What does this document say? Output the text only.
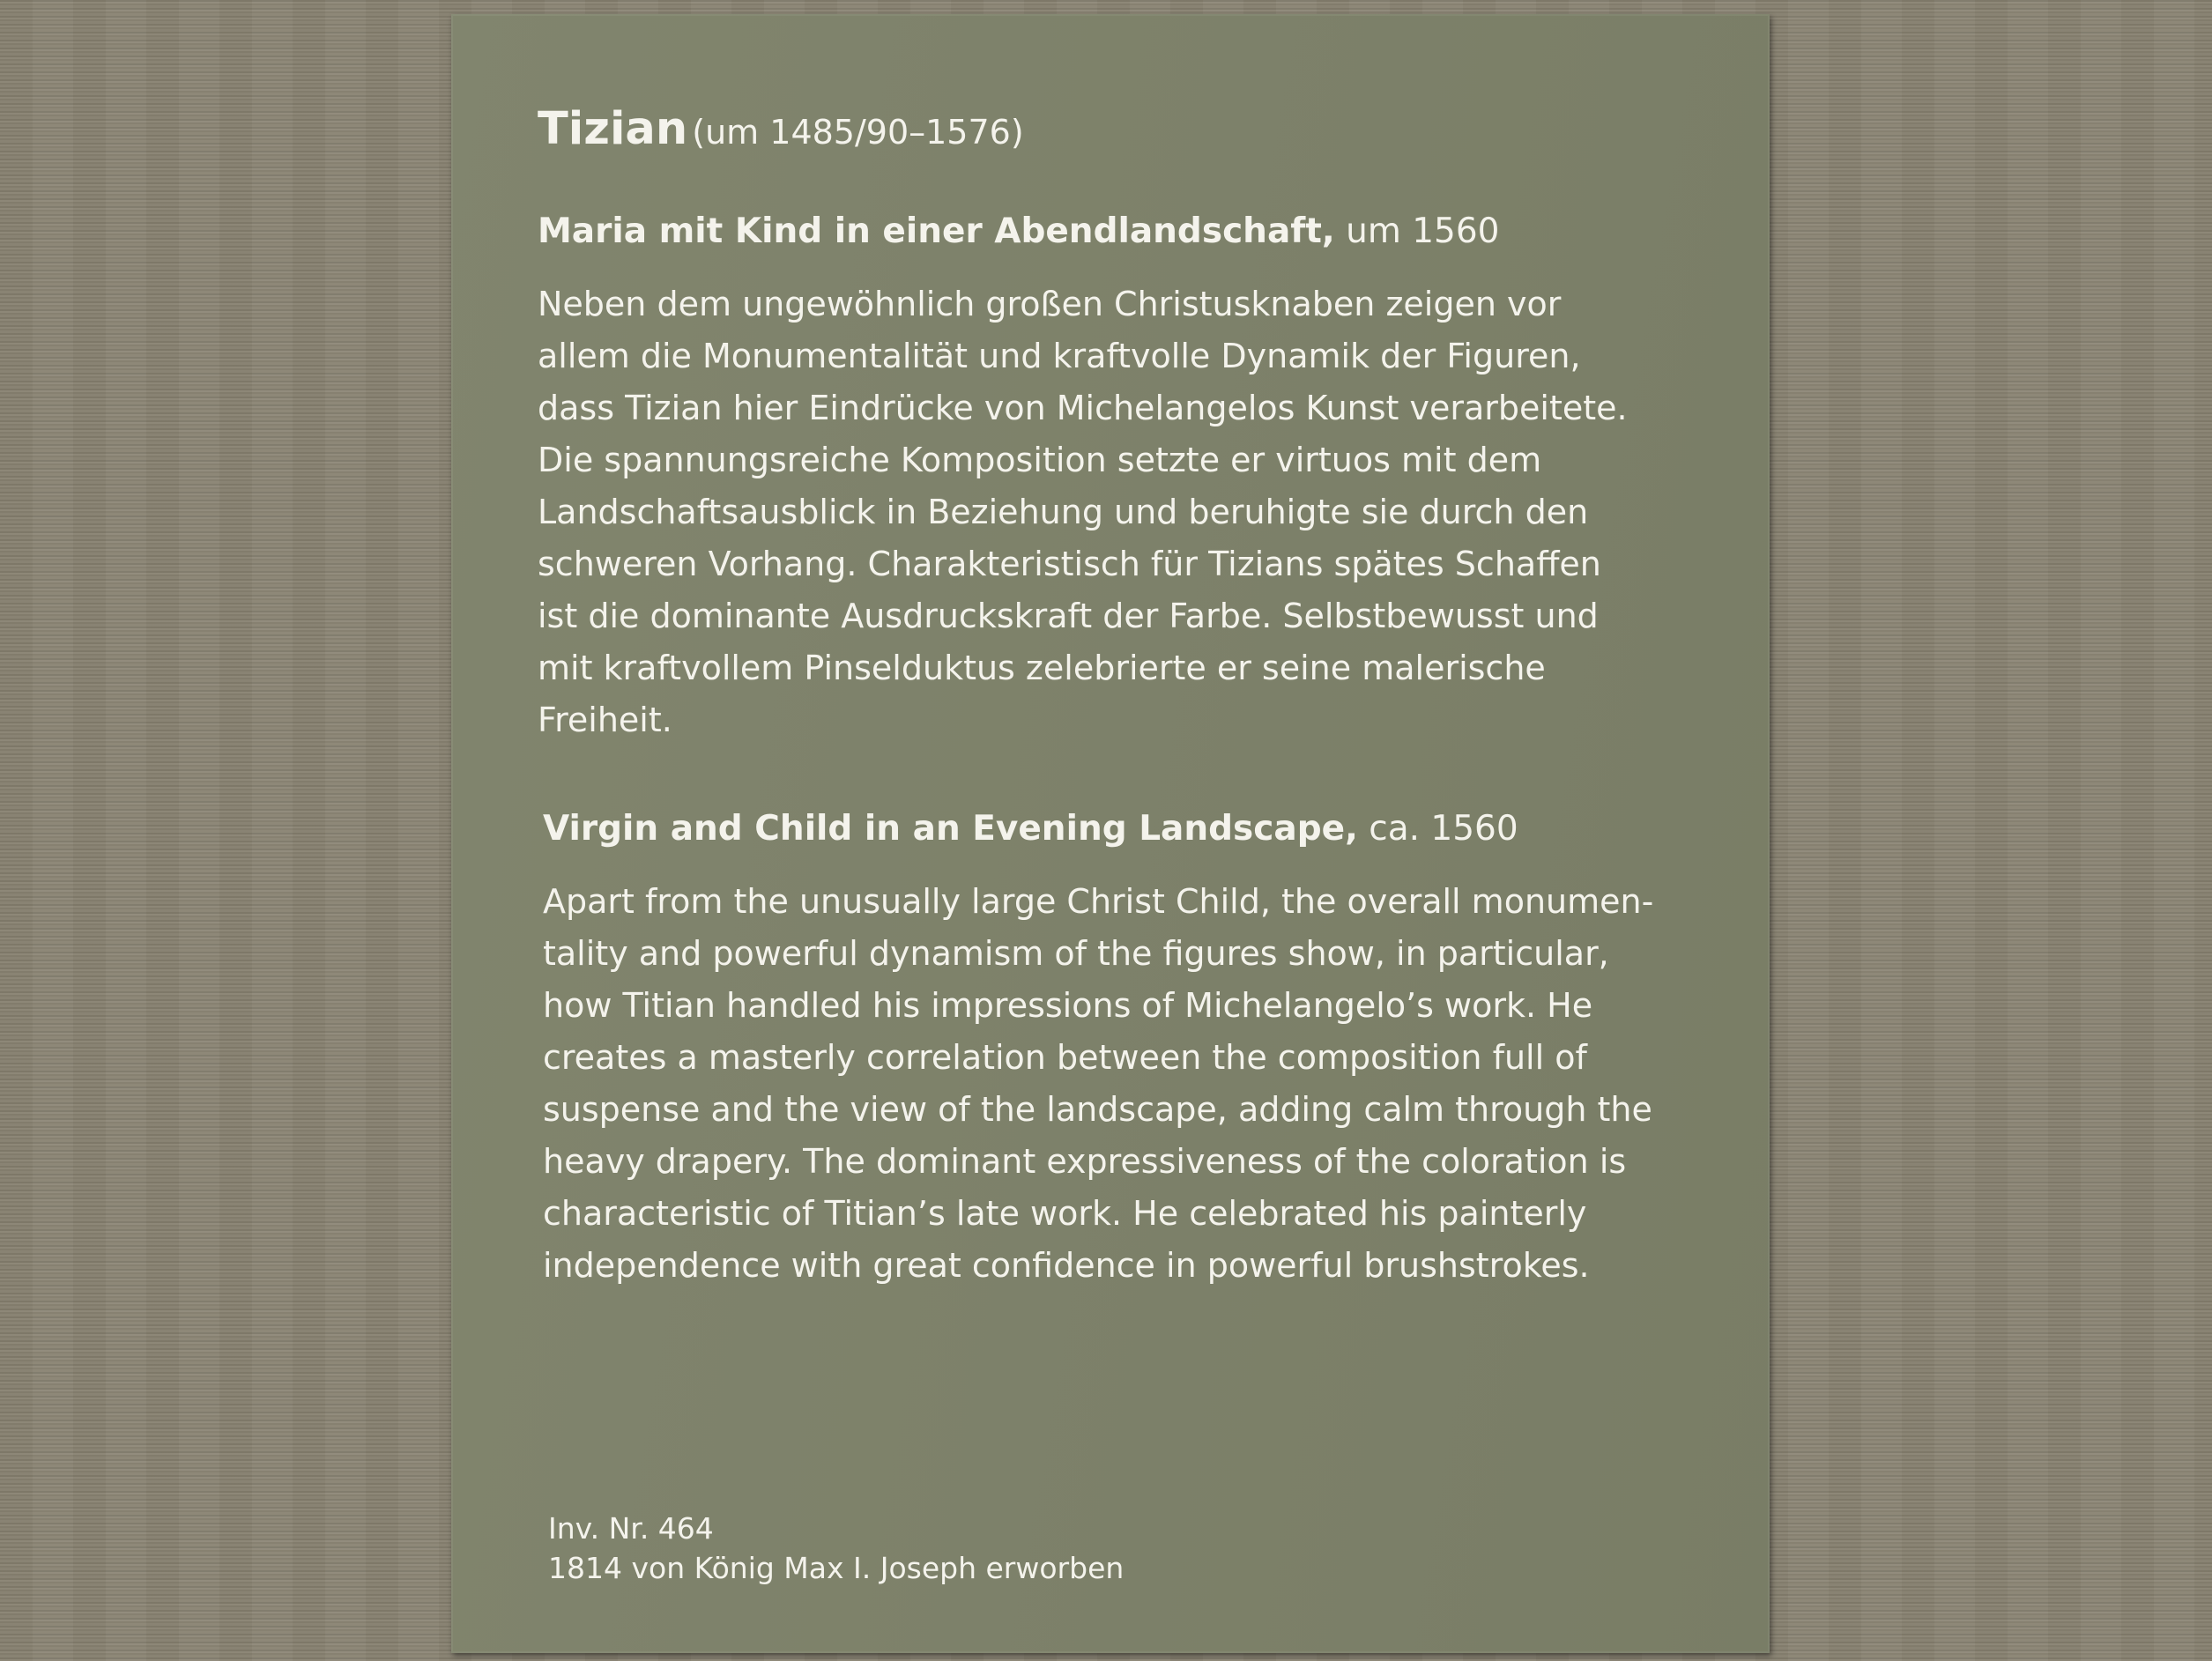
Tizian (um 1485/90–1576)
Maria mit Kind in einer Abendlandschaft, um 1560

Neben dem ungewöhnlich großen Christusknaben zeigen vor
allem die Monumentalität und kraftvolle Dynamik der Figuren,
dass Tizian hier Eindrücke von Michelangelos Kunst verarbeitete.
Die spannungsreiche Komposition setzte er virtuos mit dem
Landschaftsausblick in Beziehung und beruhigte sie durch den
schweren Vorhang. Charakteristisch für Tizians spätes Schaffen
ist die dominante Ausdruckskraft der Farbe. Selbstbewusst und
mit kraftvollem Pinselduktus zelebrierte er seine malerische
Freiheit.

Virgin and Child in an Evening Landscape, ca. 1560

Apart from the unusually large Christ Child, the overall monumen-
tality and powerful dynamism of the figures show, in particular,
how Titian handled his impressions of Michelangelo’s work. He
creates a masterly correlation between the composition full of
suspense and the view of the landscape, adding calm through the
heavy drapery. The dominant expressiveness of the coloration is
characteristic of Titian’s late work. He celebrated his painterly
independence with great confidence in powerful brushstrokes.

Inv. Nr. 464
1814 von König Max I. Joseph erworben
